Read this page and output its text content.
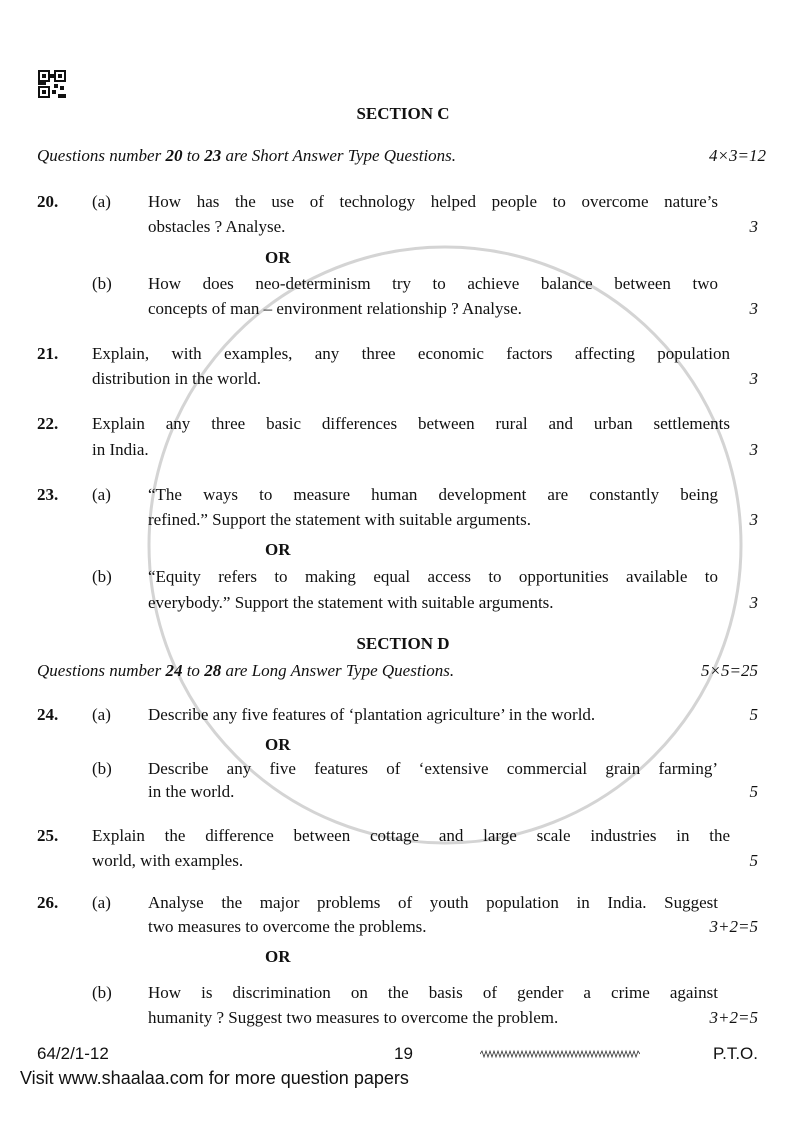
SECTION C
Questions number 20 to 23 are Short Answer Type Questions.	4×3=12
20. (a) How has the use of technology helped people to overcome nature’s
obstacles ? Analyse.	3
OR
(b) How does neo-determinism try to achieve balance between two
concepts of man – environment relationship ? Analyse.	3
21. Explain, with examples, any three economic factors affecting population
distribution in the world.	3
22. Explain any three basic differences between rural and urban settlements
in India.	3
23. (a) “The ways to measure human development are constantly being
refined.” Support the statement with suitable arguments.	3
OR
(b) “Equity refers to making equal access to opportunities available to
everybody.” Support the statement with suitable arguments.	3
SECTION D
Questions number 24 to 28 are Long Answer Type Questions.	5×5=25
24. (a) Describe any five features of ‘plantation agriculture’ in the world.	5
OR
(b) Describe any five features of ‘extensive commercial grain farming’
in the world.	5
25. Explain the difference between cottage and large scale industries in the
world, with examples.	5
26. (a) Analyse the major problems of youth population in India. Suggest
two measures to overcome the problems.	3+2=5
OR
(b) How is discrimination on the basis of gender a crime against
humanity ? Suggest two measures to overcome the problem.	3+2=5
64/2/1-12	19	P.T.O.
Visit www.shaalaa.com for more question papers
